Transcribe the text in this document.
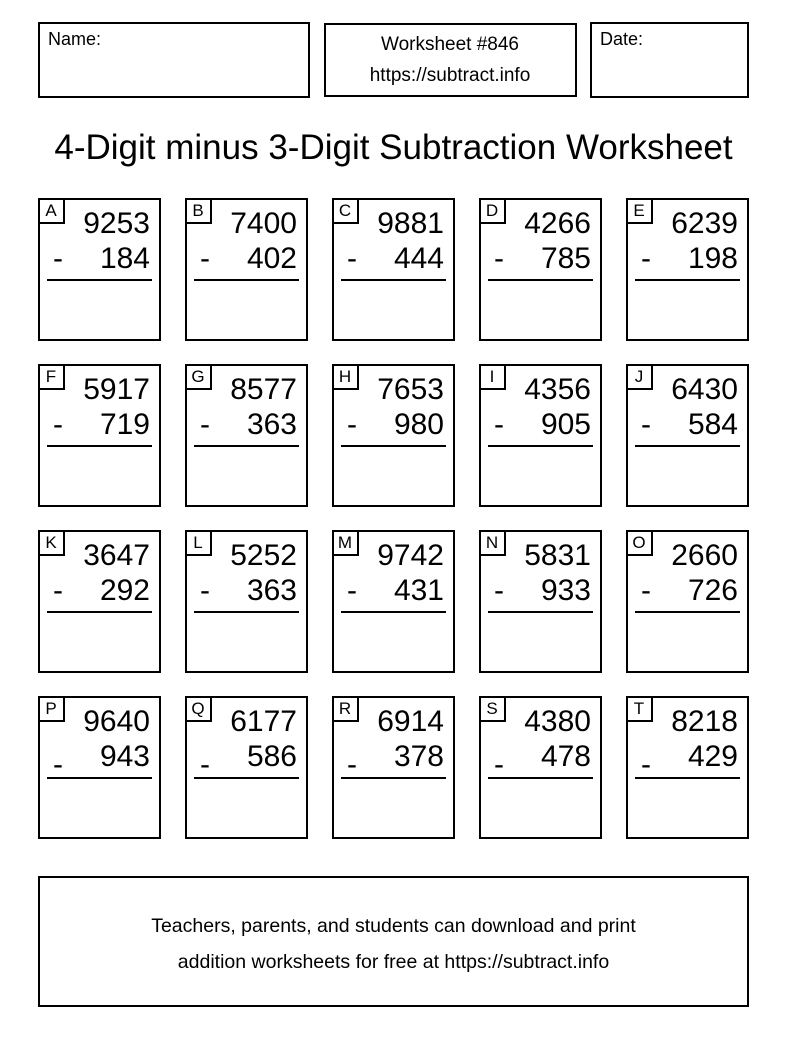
Name:	Worksheet #846
https://subtract.info
Date:
4-Digit minus 3-Digit Subtraction Worksheet
A 9253
- 184
B 7400
- 402
C 9881
- 444
D 4266
- 785
E 6239
- 198
F 5917
- 719
G 8577
- 363
H 7653
- 980
I 4356
- 905
J 6430
- 584
K 3647
- 292
L 5252
- 363
M 9742
- 431
N 5831
- 933
O 2660
- 726
P 9640
- 943
Q 6177
- 586
R 6914
- 378
S 4380
- 478
T 8218
- 429
Teachers, parents, and students can download and print
addition worksheets for free at https://subtract.info
